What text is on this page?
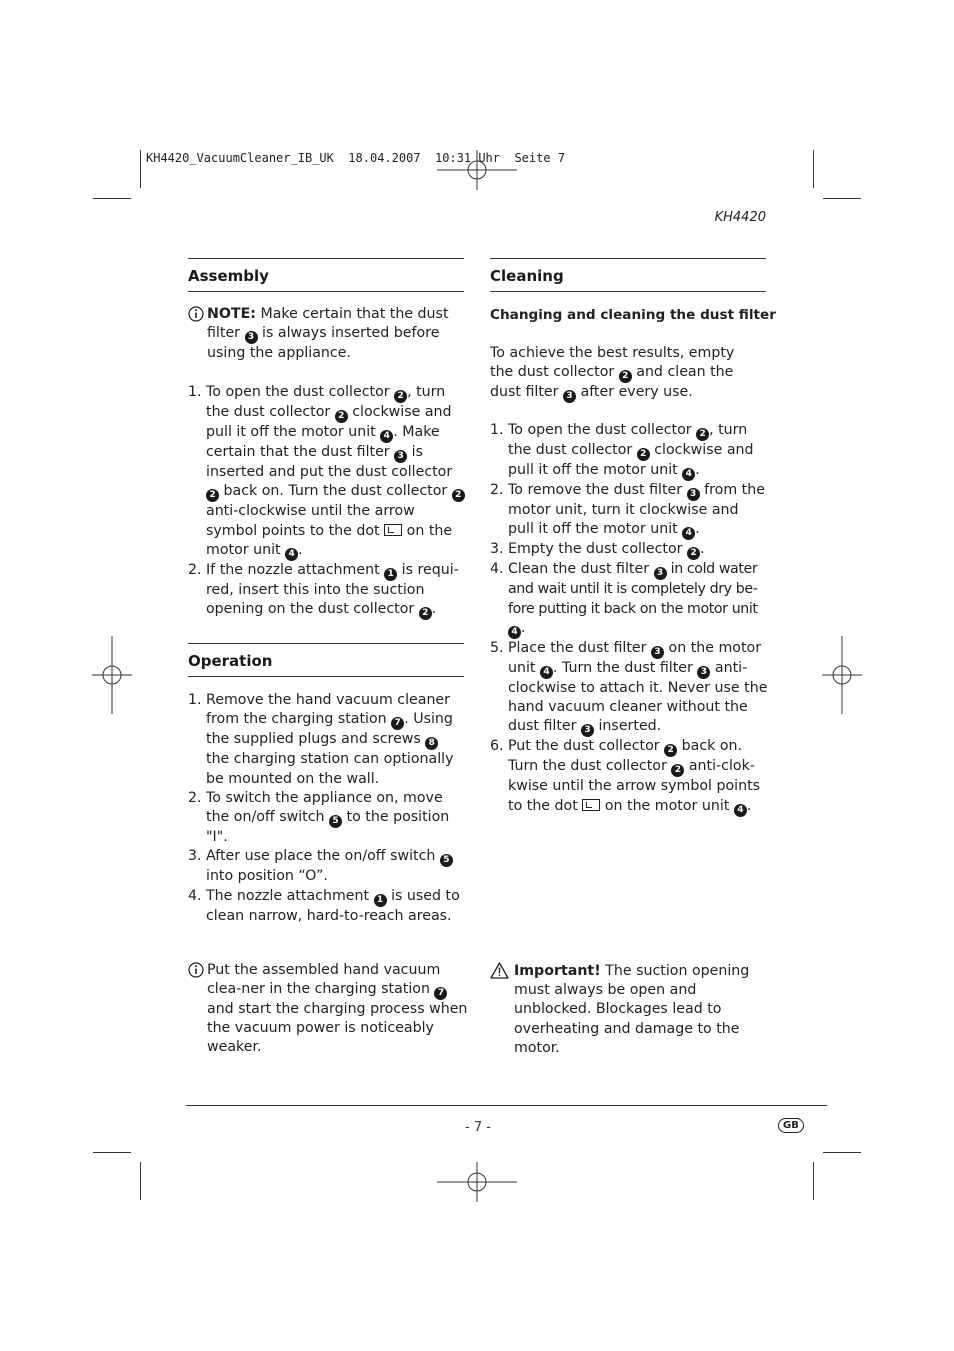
KH4420_VacuumCleaner_IB_UK  18.04.2007  10:31 Uhr  Seite 7
KH4420
Assembly
NOTE: Make certain that the dust filter 3 is always inserted before using the appliance.
1. To open the dust collector 2 , turn the dust collector 2 clockwise and pull it off the motor unit 4 . Make certain that the dust filter 3 is inserted and put the dust collector 2 back on. Turn the dust collector 2 anti-clockwise until the arrow symbol points to the dot  on the motor unit 4 .
2. If the nozzle attachment 1 is requi-red, insert this into the suction opening on the dust collector 2 .
Operation
1. Remove the hand vacuum cleaner from the charging station 7 . Using the supplied plugs and screws 8 the charging station can optionally be mounted on the wall.
2. To switch the appliance on, move the on/off switch 5 to the position "I".
3. After use place the on/off switch 5 into position “O”.
4. The nozzle attachment 1 is used to clean narrow, hard-to-reach areas.
Put the assembled hand vacuum clea-ner in the charging station 7 and start the charging process when the vacuum power is noticeably weaker.
Cleaning
Changing and cleaning the dust filter
To achieve the best results, empty the dust collector 2 and clean the dust filter 3 after every use.
1. To open the dust collector 2 , turn the dust collector 2 clockwise and pull it off the motor unit 4 .
2. To remove the dust filter 3 from the motor unit, turn it clockwise and pull it off the motor unit 4 .
3. Empty the dust collector 2 .
4. Clean the dust filter 3 in cold water and wait until it is completely dry be-fore putting it back on the motor unit 4 .
5. Place the dust filter 3 on the motor unit 4 . Turn the dust filter 3 anti-clockwise to attach it. Never use the hand vacuum cleaner without the dust filter 3 inserted.
6. Put the dust collector 2 back on. Turn the dust collector 2 anti-clok-kwise until the arrow symbol points to the dot  on the motor unit 4 .
Important! The suction opening must always be open and unblocked. Blockages lead to overheating and damage to the motor.
- 7 -	GB
